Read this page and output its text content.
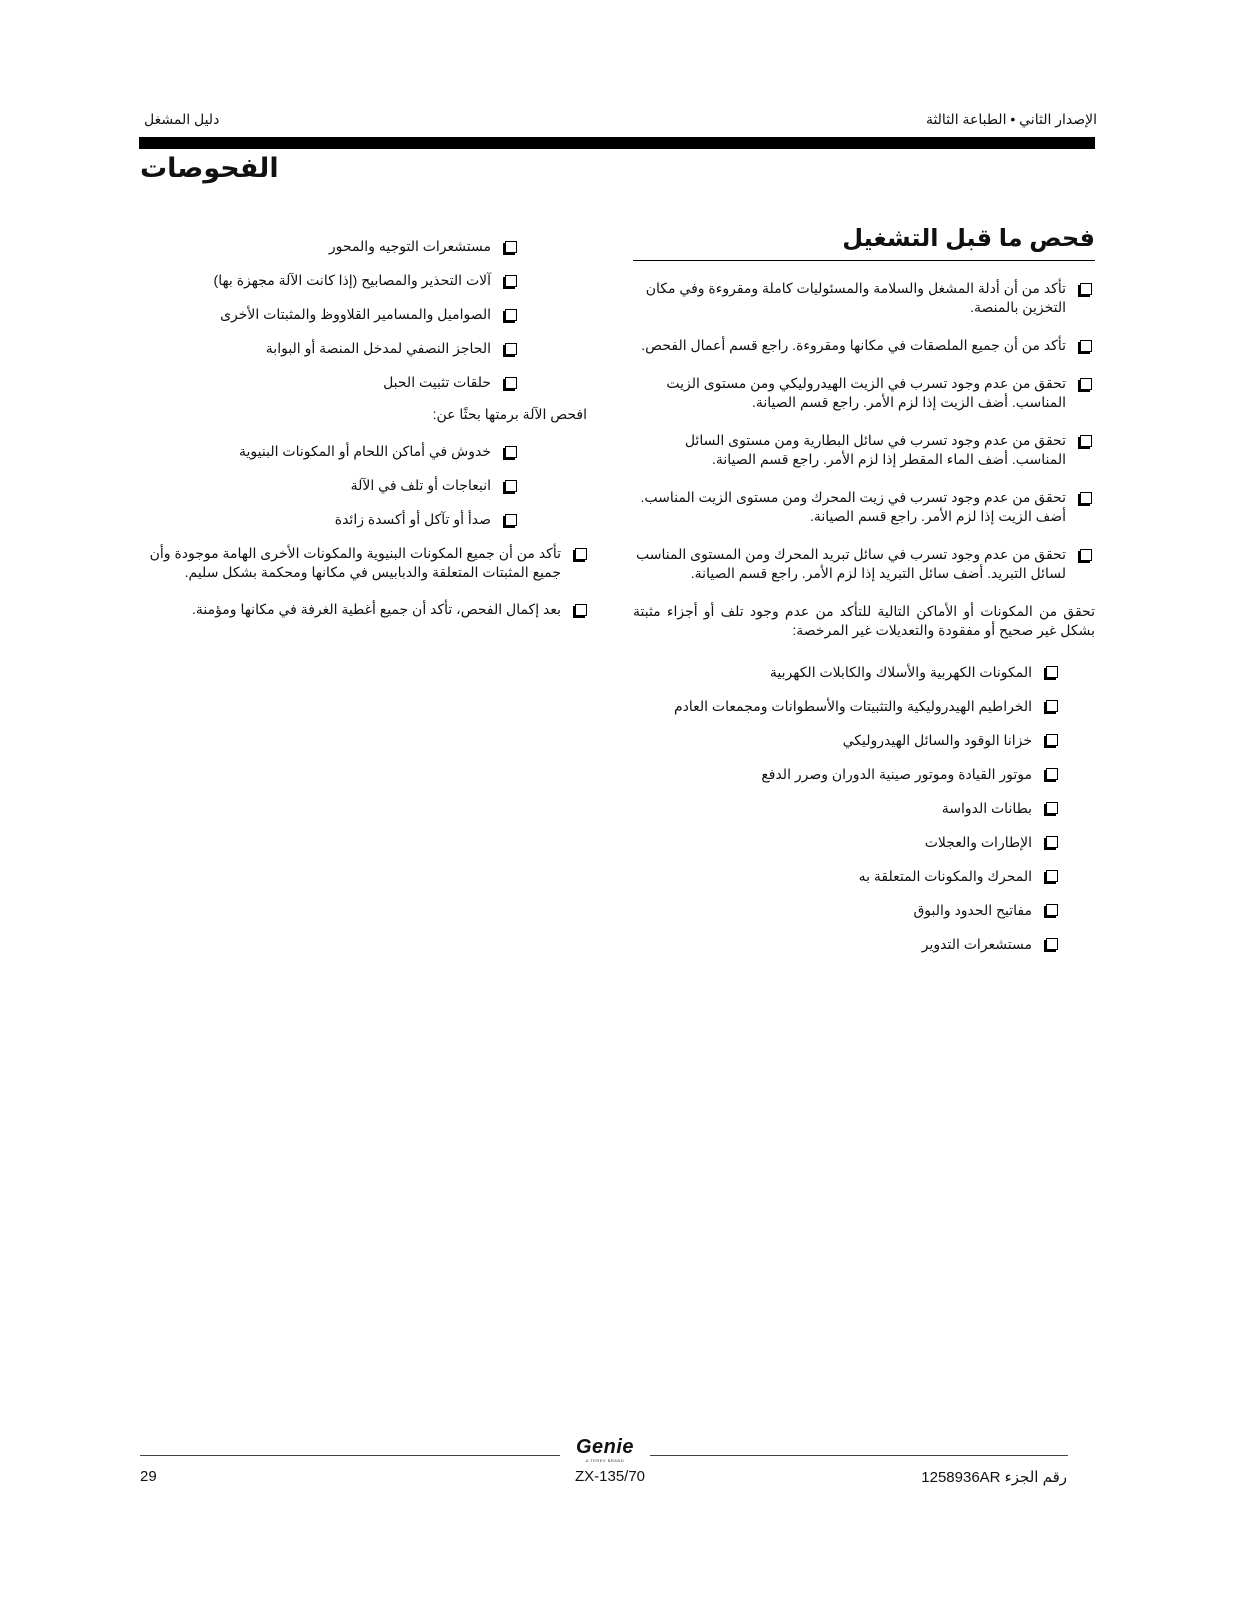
الإصدار الثاني • الطباعة الثالثة
دليل المشغل
الفحوصات
فحص ما قبل التشغيل
تأكد من أن أدلة المشغل والسلامة والمسئوليات كاملة ومقروءة وفي مكان التخزين بالمنصة.
تأكد من أن جميع الملصقات في مكانها ومقروءة. راجع قسم أعمال الفحص.
تحقق من عدم وجود تسرب في الزيت الهيدروليكي ومن مستوى الزيت المناسب. أضف الزيت إذا لزم الأمر. راجع قسم الصيانة.
تحقق من عدم وجود تسرب في سائل البطارية ومن مستوى السائل المناسب. أضف الماء المقطر إذا لزم الأمر. راجع قسم الصيانة.
تحقق من عدم وجود تسرب في زيت المحرك ومن مستوى الزيت المناسب. أضف الزيت إذا لزم الأمر. راجع قسم الصيانة.
تحقق من عدم وجود تسرب في سائل تبريد المحرك ومن المستوى المناسب لسائل التبريد. أضف سائل التبريد إذا لزم الأمر. راجع قسم الصيانة.
تحقق من المكونات أو الأماكن التالية للتأكد من عدم وجود تلف أو أجزاء مثبتة بشكل غير صحيح أو مفقودة والتعديلات غير المرخصة:
المكونات الكهربية والأسلاك والكابلات الكهربية
الخراطيم الهيدروليكية والتثبيتات والأسطوانات ومجمعات العادم
خزانا الوقود والسائل الهيدروليكي
موتور القيادة وموتور صينية الدوران وصرر الدفع
بطانات الدواسة
الإطارات والعجلات
المحرك والمكونات المتعلقة به
مفاتيح الحدود والبوق
مستشعرات التدوير
مستشعرات التوجيه والمحور
آلات التحذير والمصابيح (إذا كانت الآلة مجهزة بها)
الصواميل والمسامير القلاووظ والمثبتات الأخرى
الحاجز النصفي لمدخل المنصة أو البوابة
حلقات تثبيت الحبل
افحص الآلة برمتها بحثًا عن:
خدوش في أماكن اللحام أو المكونات البنيوية
انبعاجات أو تلف في الآلة
صدأ أو تآكل أو أكسدة زائدة
تأكد من أن جميع المكونات البنيوية والمكونات الأخرى الهامة موجودة وأن جميع المثبتات المتعلقة والدبابيس في مكانها ومحكمة بشكل سليم.
بعد إكمال الفحص، تأكد أن جميع أغطية الغرفة في مكانها ومؤمنة.
Genie
A TEREX BRAND
29	ZX-135/70	رقم الجزء 1258936AR
